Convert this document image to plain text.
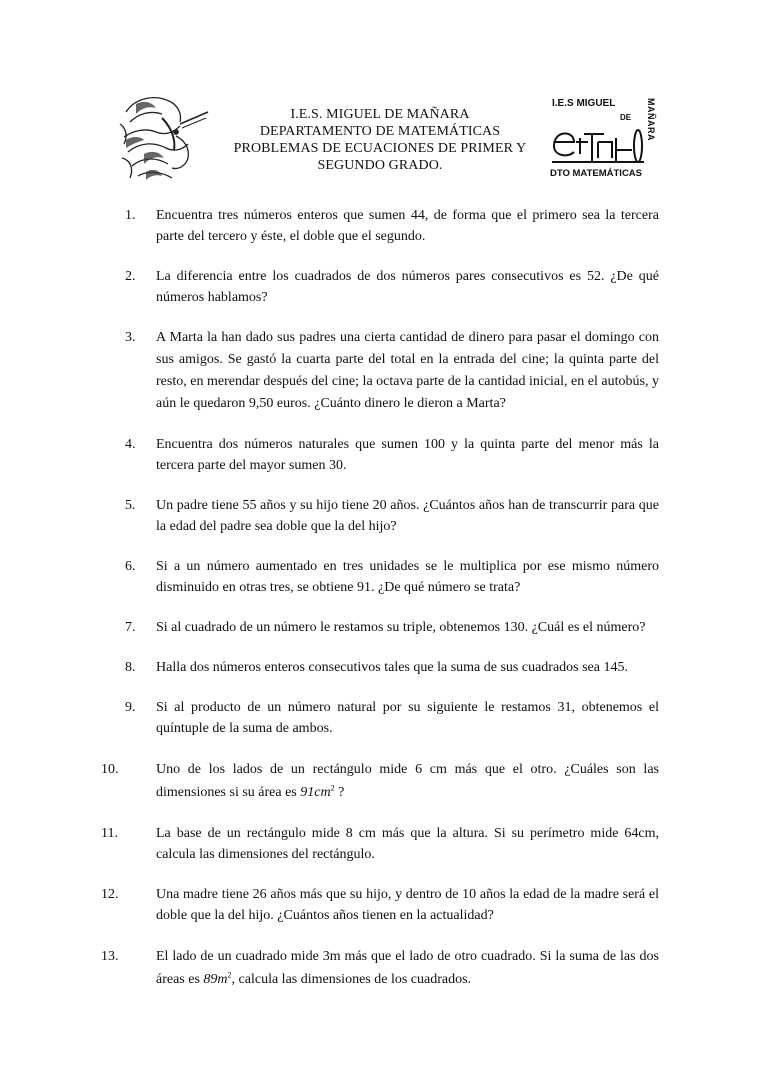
I.E.S. MIGUEL DE MAÑARA
DEPARTAMENTO DE MATEMÁTICAS
PROBLEMAS DE ECUACIONES DE PRIMER Y
SEGUNDO GRADO.
I.E.S MIGUEL
DE MAÑARA
DTO MATEMÁTICAS
1.	Encuentra tres números enteros que sumen 44, de forma que el primero sea la tercera parte del tercero y éste, el doble que el segundo.
2.	La diferencia entre los cuadrados de dos números pares consecutivos es 52. ¿De qué números hablamos?
3.	A Marta la han dado sus padres una cierta cantidad de dinero para pasar el domingo con sus amigos. Se gastó la cuarta parte del total en la entrada del cine; la quinta parte del resto, en merendar después del cine; la octava parte de la cantidad inicial, en el autobús, y aún le quedaron 9,50 euros. ¿Cuánto dinero le dieron a Marta?
4.	Encuentra dos números naturales que sumen 100 y la quinta parte del menor más la tercera parte del mayor sumen 30.
5.	Un padre tiene 55 años y su hijo tiene 20 años. ¿Cuántos años han de transcurrir para que la edad del padre sea doble que la del hijo?
6.	Si a un número aumentado en tres unidades se le multiplica por ese mismo número disminuido en otras tres, se obtiene 91. ¿De qué número se trata?
7.	Si al cuadrado de un número le restamos su triple, obtenemos 130. ¿Cuál es el número?
8.	Halla dos números enteros consecutivos tales que la suma de sus cuadrados sea 145.
9.	Si al producto de un número natural por su siguiente le restamos 31, obtenemos el quíntuple de la suma de ambos.
10.	Uno de los lados de un rectángulo mide 6 cm más que el otro. ¿Cuáles son las dimensiones si su área es $91cm^2$ ?
11.	La base de un rectángulo mide 8 cm más que la altura. Si su perímetro mide 64cm, calcula las dimensiones del rectángulo.
12.	Una madre tiene 26 años más que su hijo, y dentro de 10 años la edad de la madre será el doble que la del hijo. ¿Cuántos años tienen en la actualidad?
13.	El lado de un cuadrado mide 3m más que el lado de otro cuadrado. Si la suma de las dos áreas es $89m^2$, calcula las dimensiones de los cuadrados.
